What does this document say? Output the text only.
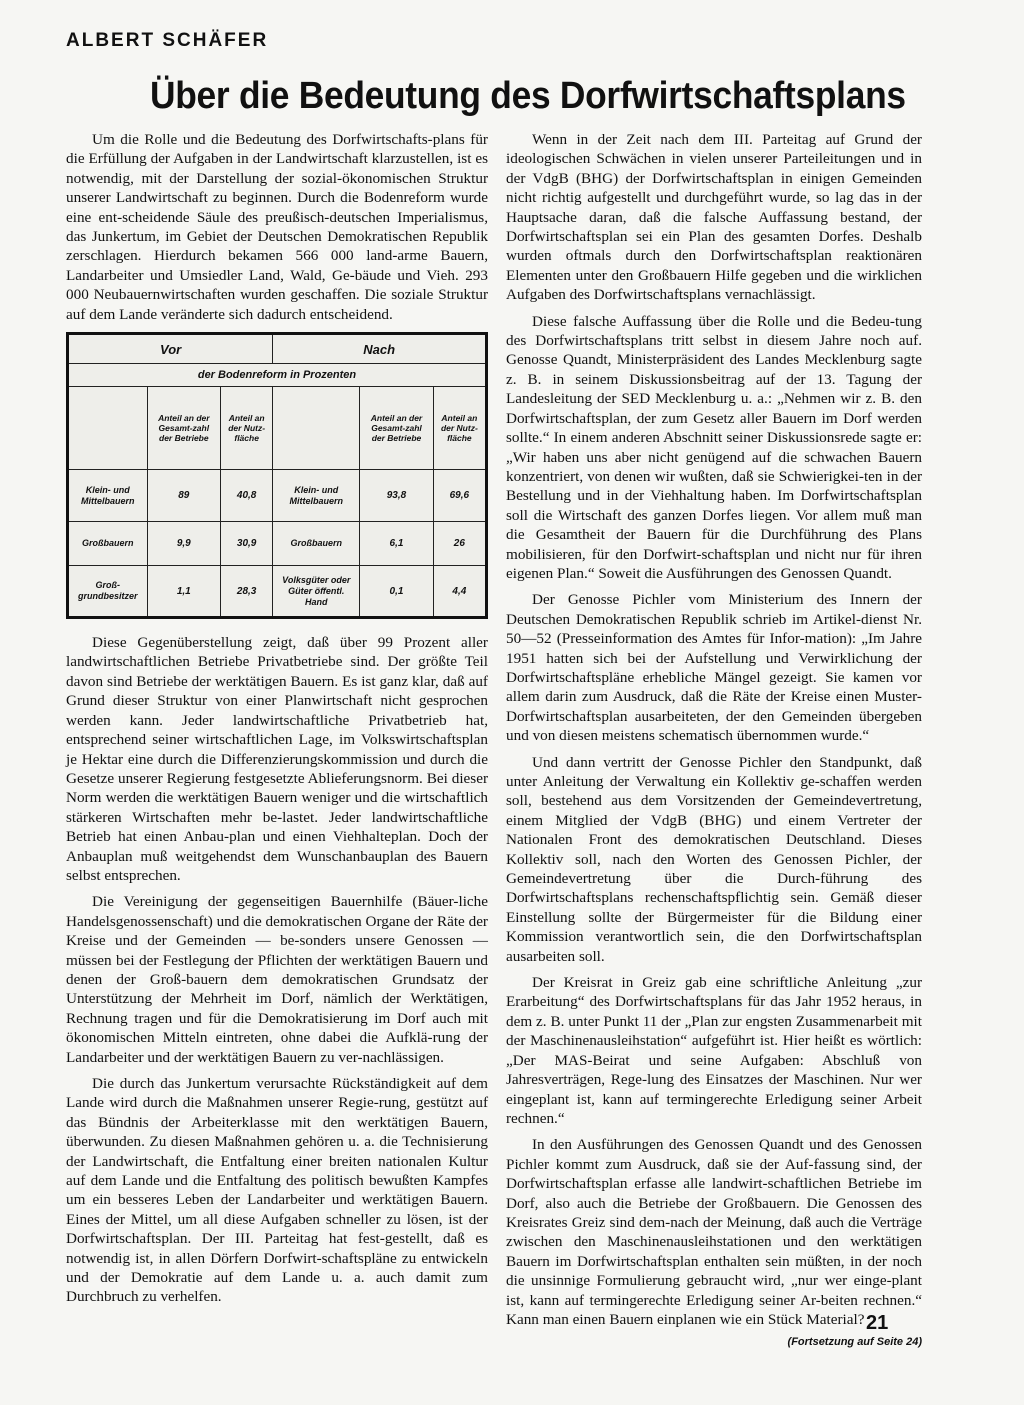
ALBERT SCHÄFER
Über die Bedeutung des Dorfwirtschaftsplans

Um die Rolle und die Bedeutung des Dorfwirtschafts-plans für die Erfüllung der Aufgaben in der Landwirtschaft klarzustellen, ist es notwendig, mit der Darstellung der sozial-ökonomischen Struktur unserer Landwirtschaft zu beginnen. Durch die Bodenreform wurde eine ent-scheidende Säule des preußisch-deutschen Imperialismus, das Junkertum, im Gebiet der Deutschen Demokratischen Republik zerschlagen. Hierdurch bekamen 566 000 land-arme Bauern, Landarbeiter und Umsiedler Land, Wald, Ge-bäude und Vieh. 293 000 Neubauernwirtschaften wurden geschaffen. Die soziale Struktur auf dem Lande veränderte sich dadurch entscheidend.

Vor			Nach		
der Bodenreform in Prozenten					
	Anteil an der Gesamt-zahl der Betriebe	Anteil an der Nutz-fläche		Anteil an der Gesamt-zahl der Betriebe	Anteil an der Nutz-fläche
Klein- und Mittelbauern	89	40,8	Klein- und Mittelbauern	93,8	69,6
Großbauern	9,9	30,9	Großbauern	6,1	26
Groß-grundbesitzer	1,1	28,3	Volksgüter oder Güter öffentl. Hand	0,1	4,4

Diese Gegenüberstellung zeigt, daß über 99 Prozent aller landwirtschaftlichen Betriebe Privatbetriebe sind. Der größte Teil davon sind Betriebe der werktätigen Bauern. Es ist ganz klar, daß auf Grund dieser Struktur von einer Planwirtschaft nicht gesprochen werden kann. Jeder landwirtschaftliche Privatbetrieb hat, entsprechend seiner wirtschaftlichen Lage, im Volkswirtschaftsplan je Hektar eine durch die Differenzierungskommission und durch die Gesetze unserer Regierung festgesetzte Ablieferungsnorm. Bei dieser Norm werden die werktätigen Bauern weniger und die wirtschaftlich stärkeren Wirtschaften mehr be-lastet. Jeder landwirtschaftliche Betrieb hat einen Anbau-plan und einen Viehhalteplan. Doch der Anbauplan muß weitgehendst dem Wunschanbauplan des Bauern selbst entsprechen.

Die Vereinigung der gegenseitigen Bauernhilfe (Bäuer-liche Handelsgenossenschaft) und die demokratischen Organe der Räte der Kreise und der Gemeinden — be-sonders unsere Genossen — müssen bei der Festlegung der Pflichten der werktätigen Bauern und denen der Groß-bauern dem demokratischen Grundsatz der Unterstützung der Mehrheit im Dorf, nämlich der Werktätigen, Rechnung tragen und für die Demokratisierung im Dorf auch mit ökonomischen Mitteln eintreten, ohne dabei die Aufklä-rung der Landarbeiter und der werktätigen Bauern zu ver-nachlässigen.

Die durch das Junkertum verursachte Rückständigkeit auf dem Lande wird durch die Maßnahmen unserer Regie-rung, gestützt auf das Bündnis der Arbeiterklasse mit den werktätigen Bauern, überwunden. Zu diesen Maßnahmen gehören u. a. die Technisierung der Landwirtschaft, die Entfaltung einer breiten nationalen Kultur auf dem Lande und die Entfaltung des politisch bewußten Kampfes um ein besseres Leben der Landarbeiter und werktätigen Bauern. Eines der Mittel, um all diese Aufgaben schneller zu lösen, ist der Dorfwirtschaftsplan. Der III. Parteitag hat fest-gestellt, daß es notwendig ist, in allen Dörfern Dorfwirt-schaftspläne zu entwickeln und der Demokratie auf dem Lande u. a. auch damit zum Durchbruch zu verhelfen.

Wenn in der Zeit nach dem III. Parteitag auf Grund der ideologischen Schwächen in vielen unserer Parteileitungen und in der VdgB (BHG) der Dorfwirtschaftsplan in einigen Gemeinden nicht richtig aufgestellt und durchgeführt wurde, so lag das in der Hauptsache daran, daß die falsche Auffassung bestand, der Dorfwirtschaftsplan sei ein Plan des gesamten Dorfes. Deshalb wurden oftmals durch den Dorfwirtschaftsplan reaktionären Elementen unter den Großbauern Hilfe gegeben und die wirklichen Aufgaben des Dorfwirtschaftsplans vernachlässigt.

Diese falsche Auffassung über die Rolle und die Bedeu-tung des Dorfwirtschaftsplans tritt selbst in diesem Jahre noch auf. Genosse Quandt, Ministerpräsident des Landes Mecklenburg sagte z. B. in seinem Diskussionsbeitrag auf der 13. Tagung der Landesleitung der SED Mecklenburg u. a.: „Nehmen wir z. B. den Dorfwirtschaftsplan, der zum Gesetz aller Bauern im Dorf werden sollte.“ In einem anderen Abschnitt seiner Diskussionsrede sagte er: „Wir haben uns aber nicht genügend auf die schwachen Bauern konzentriert, von denen wir wußten, daß sie Schwierigkei-ten in der Bestellung und in der Viehhaltung haben. Im Dorfwirtschaftsplan soll die Wirtschaft des ganzen Dorfes liegen. Vor allem muß man die Gesamtheit der Bauern für die Durchführung des Plans mobilisieren, für den Dorfwirt-schaftsplan und nicht nur für ihren eigenen Plan.“ Soweit die Ausführungen des Genossen Quandt.

Der Genosse Pichler vom Ministerium des Innern der Deutschen Demokratischen Republik schrieb im Artikel-dienst Nr. 50—52 (Presseinformation des Amtes für Infor-mation): „Im Jahre 1951 hatten sich bei der Aufstellung und Verwirklichung der Dorfwirtschaftspläne erhebliche Mängel gezeigt. Sie kamen vor allem darin zum Ausdruck, daß die Räte der Kreise einen Muster-Dorfwirtschaftsplan ausarbeiteten, der den Gemeinden übergeben und von diesen meistens schematisch übernommen wurde.“

Und dann vertritt der Genosse Pichler den Standpunkt, daß unter Anleitung der Verwaltung ein Kollektiv ge-schaffen werden soll, bestehend aus dem Vorsitzenden der Gemeindevertretung, einem Mitglied der VdgB (BHG) und einem Vertreter der Nationalen Front des demokratischen Deutschland. Dieses Kollektiv soll, nach den Worten des Genossen Pichler, der Gemeindevertretung über die Durch-führung des Dorfwirtschaftsplans rechenschaftspflichtig sein. Gemäß dieser Einstellung sollte der Bürgermeister für die Bildung einer Kommission verantwortlich sein, die den Dorfwirtschaftsplan ausarbeiten soll.

Der Kreisrat in Greiz gab eine schriftliche Anleitung „zur Erarbeitung“ des Dorfwirtschaftsplans für das Jahr 1952 heraus, in dem z. B. unter Punkt 11 der „Plan zur engsten Zusammenarbeit mit der Maschinenausleihstation“ aufgeführt ist. Hier heißt es wörtlich: „Der MAS-Beirat und seine Aufgaben: Abschluß von Jahresverträgen, Rege-lung des Einsatzes der Maschinen. Nur wer eingeplant ist, kann auf termingerechte Erledigung seiner Arbeit rechnen.“

In den Ausführungen des Genossen Quandt und des Genossen Pichler kommt zum Ausdruck, daß sie der Auf-fassung sind, der Dorfwirtschaftsplan erfasse alle landwirt-schaftlichen Betriebe im Dorf, also auch die Betriebe der Großbauern. Die Genossen des Kreisrates Greiz sind dem-nach der Meinung, daß auch die Verträge zwischen den Maschinenausleihstationen und den werktätigen Bauern im Dorfwirtschaftsplan enthalten sein müßten, in der noch die unsinnige Formulierung gebraucht wird, „nur wer einge-plant ist, kann auf termingerechte Erledigung seiner Ar-beiten rechnen.“ Kann man einen Bauern einplanen wie ein Stück Material?

(Fortsetzung auf Seite 24)
21
